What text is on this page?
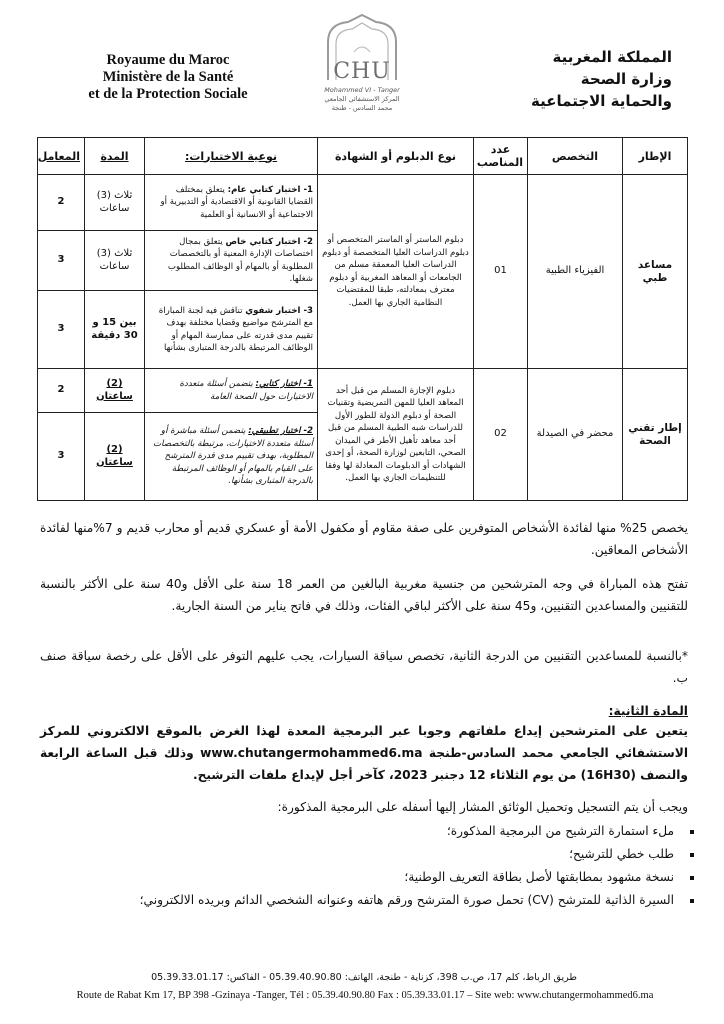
Royaume du Maroc
Ministère de la Santé
et de la Protection Sociale
CHU
Mohammed VI - Tanger
المركز الاستشفائي الجامعي
محمد السادس - طنجة
المملكة المغربية
وزارة الصحة
والحماية الاجتماعية
الإطار	التخصص	عدد المناصب	نوع الدبلوم أو الشهادة	نوعية الاختبارات:	المدة	المعامل
مساعد طبي	الفيزياء الطبية	01	دبلوم الماستر أو الماستر المتخصص أو دبلوم الدراسات العليا المتخصصة أو دبلوم الدراسات العليا المعمقة مسلم من الجامعات أو المعاهد المغربية أو دبلوم معترف بمعادلته، طبقا للمقتضيات النظامية الجاري بها العمل.	1- اختبار كتابي عام: يتعلق بمختلف القضايا القانونية أو الاقتصادية أو التدبيرية أو الاجتماعية أو الانسانية أو العلمية	ثلاث (3) ساعات	2
				2- اختبار كتابي خاص يتعلق بمجال اختصاصات الإدارة المعنية أو بالتخصصات المطلوبة أو بالمهام أو الوظائف المطلوب شغلها.	ثلاث (3) ساعات	3
				3- اختبار شفوي تناقش فيه لجنة المباراة مع المترشح مواضيع وقضايا مختلفة بهدف تقييم مدى قدرته على ممارسة المهام أو الوظائف المرتبطة بالدرجة المتبارى بشأنها	بين 15 و 30 دقيقة	3
إطار تقني الصحة	محضر في الصيدلة	02	دبلوم الإجازة المسلم من قبل أحد المعاهد العليا للمهن التمريضية وتقنيات الصحة أو دبلوم الدولة للطور الأول للدراسات شبه الطبية المسلم من قبل أحد معاهد تأهيل الأطر في الميدان الصحي، التابعين لوزارة الصحة، أو إحدى الشهادات أو الدبلومات المعادلة لها وفقا للتنظيمات الجاري بها العمل.	1- اختبار كتابي: يتضمن أسئلة متعددة الاختيارات حول الصحة العامة	(2) ساعتان	2
				2- اختبار تطبيقي: يتضمن أسئلة مباشرة أو أسئلة متعددة الاختيارات، مرتبطة بالتخصصات المطلوبة، بهدف تقييم مدى قدرة المترشح على القيام بالمهام أو الوظائف المرتبطة بالدرجة المتبارى بشأنها.	(2) ساعتان	3
يخصص 25% منها لفائدة الأشخاص المتوفرين على صفة مقاوم أو مكفول الأمة أو عسكري قديم أو محارب قديم و 7%منها لفائدة الأشخاص المعاقين.
تفتح هذه المباراة في وجه المترشحين من جنسية مغربية البالغين من العمر 18 سنة على الأقل و40 سنة على الأكثر بالنسبة للتقنيين والمساعدين التقنيين، و45 سنة على الأكثر لباقي الفئات، وذلك في فاتح يناير من السنة الجارية.
*بالنسبة للمساعدين التقنيين من الدرجة الثانية، تخصص سياقة السيارات، يجب عليهم التوفر على الأقل على رخصة سياقة صنف ب.
المادة الثانية:
يتعين على المترشحين إيداع ملفاتهم وجوبا عبر البرمجية المعدة لهذا الغرض بالموقع الالكتروني للمركز الاستشفائي الجامعي محمد السادس-طنجة www.chutangermohammed6.ma وذلك قبل الساعة الرابعة والنصف (16H30) من يوم الثلاثاء 12 دجنبر 2023، كآخر أجل لإيداع ملفات الترشيح.
ويجب أن يتم التسجيل وتحميل الوثائق المشار إليها أسفله على البرمجية المذكورة:
▪ ملء استمارة الترشيح من البرمجية المذكورة؛
▪ طلب خطي للترشيح؛
▪ نسخة مشهود بمطابقتها لأصل بطاقة التعريف الوطنية؛
▪ السيرة الذاتية للمترشح (CV) تحمل صورة المترشح ورقم هاتفه وعنوانه الشخصي الدائم وبريده الالكتروني؛
طريق الرباط، كلم 17، ص.ب 398، كزناية - طنجة، الهاتف: 05.39.40.90.80 - الفاكس: 05.39.33.01.17
Route de Rabat Km 17, BP 398 -Gzinaya -Tanger, Tél : 05.39.40.90.80 Fax : 05.39.33.01.17 – Site web: www.chutangermohammed6.ma
